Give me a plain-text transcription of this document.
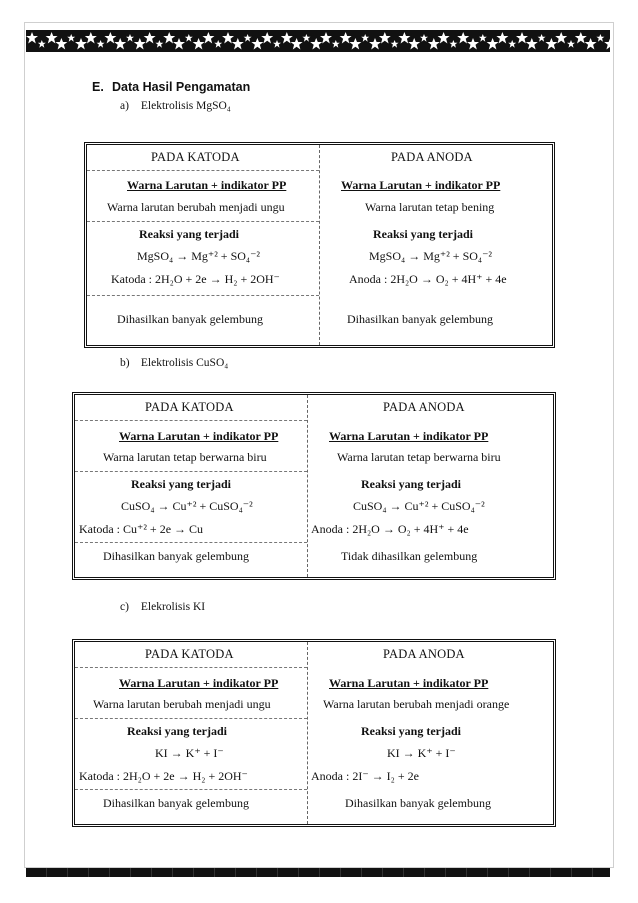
E. Data Hasil Pengamatan
a) Elektrolisis MgSO₄
PADA KATODA
Warna Larutan + indikator PP
Warna larutan berubah menjadi ungu
Reaksi yang terjadi
MgSO₄ → Mg⁺² + SO₄⁻²
Katoda : 2H₂O + 2e → H₂ + 2OH⁻
Dihasilkan banyak gelembung
PADA ANODA
Warna Larutan + indikator PP
Warna larutan tetap bening
Reaksi yang terjadi
MgSO₄ → Mg⁺² + SO₄⁻²
Anoda : 2H₂O → O₂ + 4H⁺ + 4e
Dihasilkan banyak gelembung
b) Elektrolisis CuSO₄
PADA KATODA
Warna Larutan + indikator PP
Warna larutan tetap berwarna biru
Reaksi yang terjadi
CuSO₄ → Cu⁺² + CuSO₄⁻²
Katoda : Cu⁺² + 2e → Cu
Dihasilkan banyak gelembung
PADA ANODA
Warna Larutan + indikator PP
Warna larutan tetap berwarna biru
Reaksi yang terjadi
CuSO₄ → Cu⁺² + CuSO₄⁻²
Anoda : 2H₂O → O₂ + 4H⁺ + 4e
Tidak dihasilkan gelembung
c) Elekrolisis KI
PADA KATODA
Warna Larutan + indikator PP
Warna larutan berubah menjadi ungu
Reaksi yang terjadi
KI → K⁺ + I⁻
Katoda : 2H₂O + 2e → H₂ + 2OH⁻
Dihasilkan banyak gelembung
PADA ANODA
Warna Larutan + indikator PP
Warna larutan berubah menjadi orange
Reaksi yang terjadi
KI → K⁺ + I⁻
Anoda : 2I⁻ → I₂ + 2e
Dihasilkan banyak gelembung
